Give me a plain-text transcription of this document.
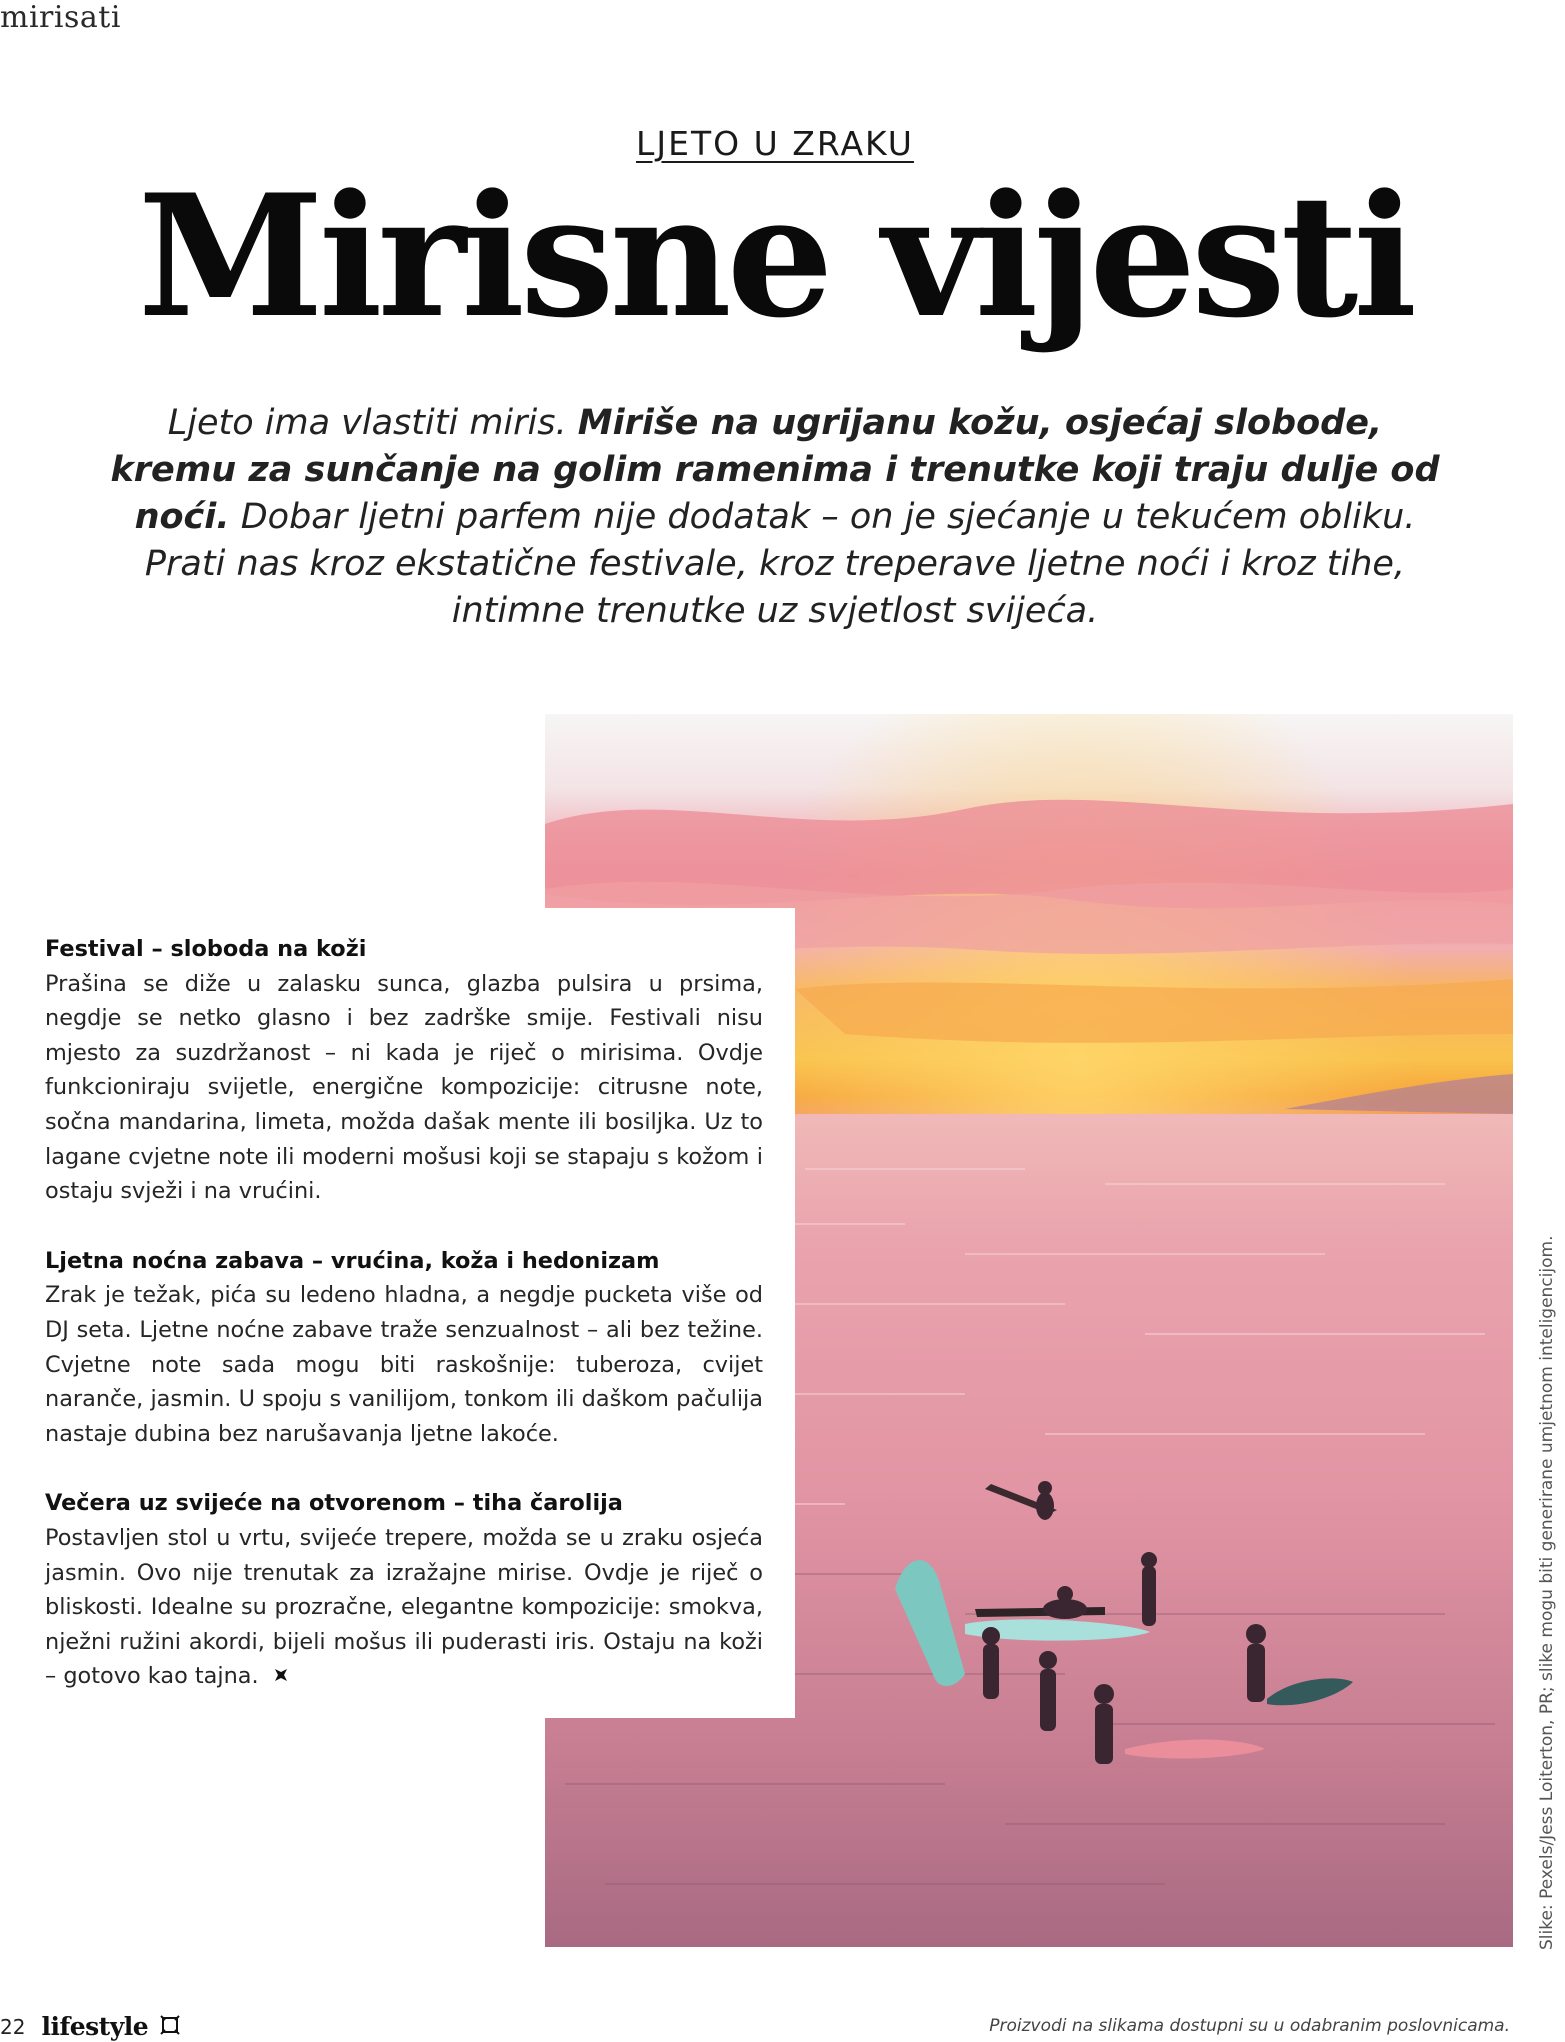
mirisati
LJETO U ZRAKU
Mirisne vijesti
Ljeto ima vlastiti miris. Miriše na ugrijanu kožu, osjećaj slobode, kremu za sunčanje na golim ramenima i trenutke koji traju dulje od noći. Dobar ljetni parfem nije dodatak – on je sjećanje u tekućem obliku. Prati nas kroz ekstatične festivale, kroz treperave ljetne noći i kroz tihe, intimne trenutke uz svjetlost svijeća.
Festival – sloboda na koži

Prašina se diže u zalasku sunca, glazba pulsira u prsima, negdje se netko glasno i bez zadrške smije. Festivali nisu mjesto za suzdržanost – ni kada je riječ o mirisima. Ovdje funkcioniraju svijetle, energične kompozicije: citrusne note, sočna mandarina, limeta, možda dašak mente ili bosiljka. Uz to lagane cvjetne note ili moderni mošusi koji se stapaju s kožom i ostaju svježi i na vrućini.

Ljetna noćna zabava – vrućina, koža i hedonizam

Zrak je težak, pića su ledeno hladna, a negdje pucketa više od DJ seta. Ljetne noćne zabave traže senzualnost – ali bez težine. Cvjetne note sada mogu biti raskošnije: tuberoza, cvijet naranče, jasmin. U spoju s vanilijom, tonkom ili daškom pačulija nastaje dubina bez narušavanja ljetne lakoće.

Večera uz svijeće na otvorenom – tiha čarolija

Postavljen stol u vrtu, svijeće trepere, možda se u zraku osjeća jasmin. Ovo nije trenutak za izražajne mirise. Ovdje je riječ o bliskosti. Idealne su prozračne, elegantne kompozicije: smokva, nježni ružini akordi, bijeli mošus ili puderasti iris. Ostaju na koži – gotovo kao tajna.	Slike: Pexels/Jess Loiterton, PR; slike mogu biti generirane umjetnom inteligencijom.
22 lifestyle	Proizvodi na slikama dostupni su u odabranim poslovnicama.
